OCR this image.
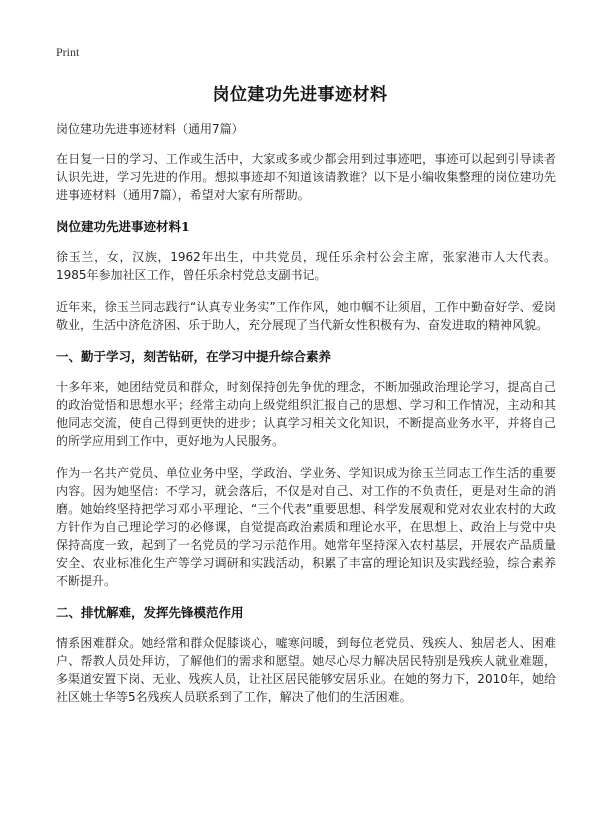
Print
岗位建功先进事迹材料

岗位建功先进事迹材料（通用7篇）

在日复一日的学习、工作或生活中，大家或多或少都会用到过事迹吧，事迹可以起到引导读者认识先进，学习先进的作用。想拟事迹却不知道该请教谁？以下是小编收集整理的岗位建功先进事迹材料（通用7篇），希望对大家有所帮助。

岗位建功先进事迹材料1

徐玉兰，女，汉族，1962年出生，中共党员，现任乐余村公会主席，张家港市人大代表。1985年参加社区工作，曾任乐余村党总支副书记。

近年来，徐玉兰同志践行“认真专业务实”工作作风，她巾帼不让须眉，工作中勤奋好学、爱岗敬业，生活中济危济困、乐于助人，充分展现了当代新女性积极有为、奋发进取的精神风貌。

一、勤于学习，刻苦钻研，在学习中提升综合素养

十多年来，她团结党员和群众，时刻保持创先争优的理念，不断加强政治理论学习，提高自己的政治觉悟和思想水平；经常主动向上级党组织汇报自己的思想、学习和工作情况，主动和其他同志交流，使自己得到更快的进步；认真学习相关文化知识，不断提高业务水平，并将自己的所学应用到工作中，更好地为人民服务。

作为一名共产党员、单位业务中坚，学政治、学业务、学知识成为徐玉兰同志工作生活的重要内容。因为她坚信：不学习，就会落后，不仅是对自己、对工作的不负责任，更是对生命的消磨。她始终坚持把学习邓小平理论、“三个代表”重要思想、科学发展观和党对农业农村的大政方针作为自己理论学习的必修课，自觉提高政治素质和理论水平，在思想上、政治上与党中央保持高度一致，起到了一名党员的学习示范作用。她常年坚持深入农村基层，开展农产品质量安全、农业标准化生产等学习调研和实践活动，积累了丰富的理论知识及实践经验，综合素养不断提升。

二、排忧解难，发挥先锋模范作用

情系困难群众。她经常和群众促膝谈心，嘘寒问暖，到每位老党员、残疾人、独居老人、困难户、帮教人员处拜访，了解他们的需求和愿望。她尽心尽力解决居民特别是残疾人就业难题，多渠道安置下岗、无业、残疾人员，让社区居民能够安居乐业。在她的努力下，2010年，她给社区姚士华等5名残疾人员联系到了工作，解决了他们的生活困难。
